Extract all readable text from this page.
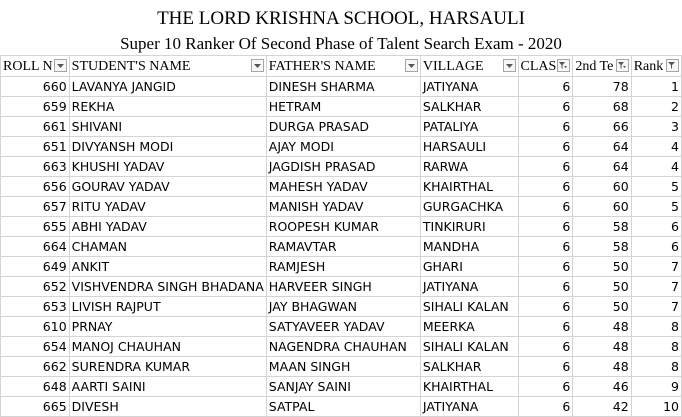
THE LORD KRISHNA SCHOOL, HARSAULI
Super 10 Ranker Of Second Phase of Talent Search Exam - 2020
ROLL N	STUDENT'S NAME	FATHER'S NAME	VILLAGE	CLAS	2nd Te	Rank

660	LAVANYA JANGID	DINESH SHARMA	JATIYANA	6	78	1
659	REKHA	HETRAM	SALKHAR	6	68	2
661	SHIVANI	DURGA PRASAD	PATALIYA	6	66	3
651	DIVYANSH MODI	AJAY MODI	HARSAULI	6	64	4
663	KHUSHI YADAV	JAGDISH PRASAD	RARWA	6	64	4
656	GOURAV YADAV	MAHESH YADAV	KHAIRTHAL	6	60	5
657	RITU YADAV	MANISH YADAV	GURGACHKA	6	60	5
655	ABHI YADAV	ROOPESH KUMAR	TINKIRURI	6	58	6
664	CHAMAN	RAMAVTAR	MANDHA	6	58	6
649	ANKIT	RAMJESH	GHARI	6	50	7
652	VISHVENDRA SINGH BHADANA	HARVEER SINGH	JATIYANA	6	50	7
653	LIVISH RAJPUT	JAY BHAGWAN	SIHALI KALAN	6	50	7
610	PRNAY	SATYAVEER YADAV	MEERKA	6	48	8
654	MANOJ CHAUHAN	NAGENDRA CHAUHAN	SIHALI KALAN	6	48	8
662	SURENDRA KUMAR	MAAN SINGH	SALKHAR	6	48	8
648	AARTI SAINI	SANJAY SAINI	KHAIRTHAL	6	46	9
665	DIVESH	SATPAL	JATIYANA	6	42	10
